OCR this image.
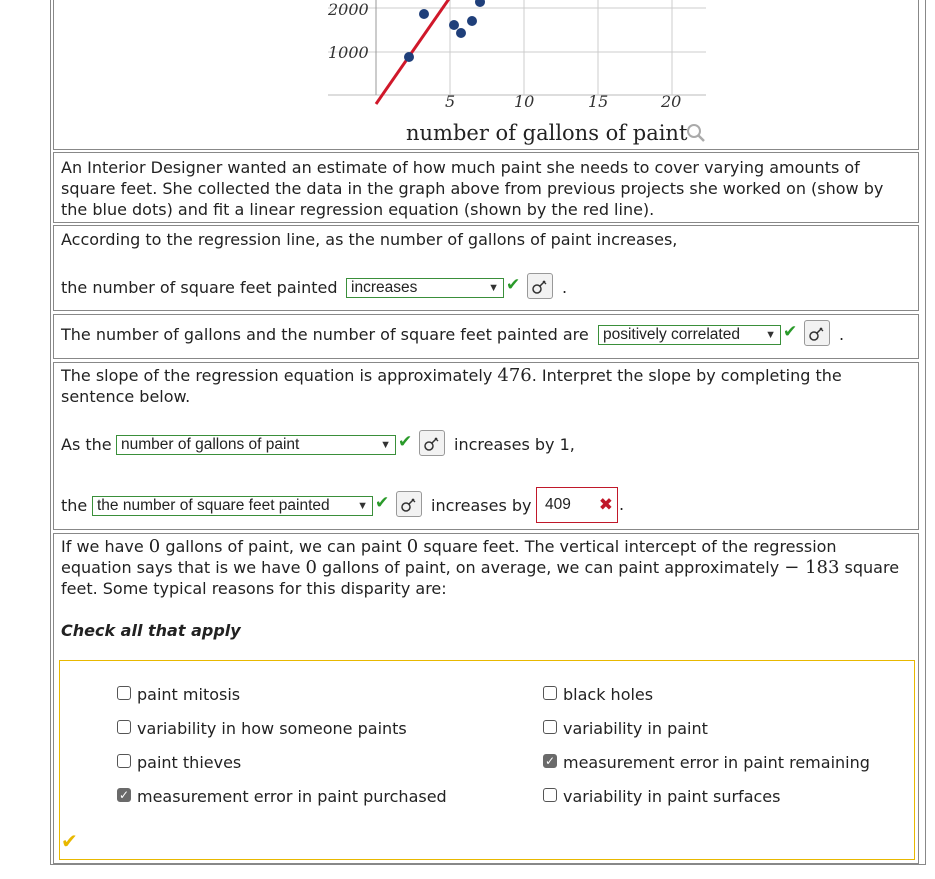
2000
1000
5	10	15	20
number of gallons of paint
An Interior Designer wanted an estimate of how much paint she needs to cover varying amounts of square feet. She collected the data in the graph above from previous projects she worked on (show by the blue dots) and fit a linear regression equation (shown by the red line).
According to the regression line, as the number of gallons of paint increases,
the number of square feet painted increases	▼ ✔	.
The number of gallons and the number of square feet painted are positively correlated ▼ ✔	.
The slope of the regression equation is approximately 476. Interpret the slope by completing the sentence below.
As the number of gallons of paint	▼ ✔	increases by 1,
the the number of square feet painted ▼ ✔	increases by 409 ✖ .
If we have 0 gallons of paint, we can paint 0 square feet. The vertical intercept of the regression equation says that is we have 0 gallons of paint, on average, we can paint approximately − 183 square feet. Some typical reasons for this disparity are:
Check all that apply
paint mitosis
variability in how someone paints
paint thieves
✓ measurement error in paint purchased
black holes
variability in paint
✓ measurement error in paint remaining
variability in paint surfaces
✔
